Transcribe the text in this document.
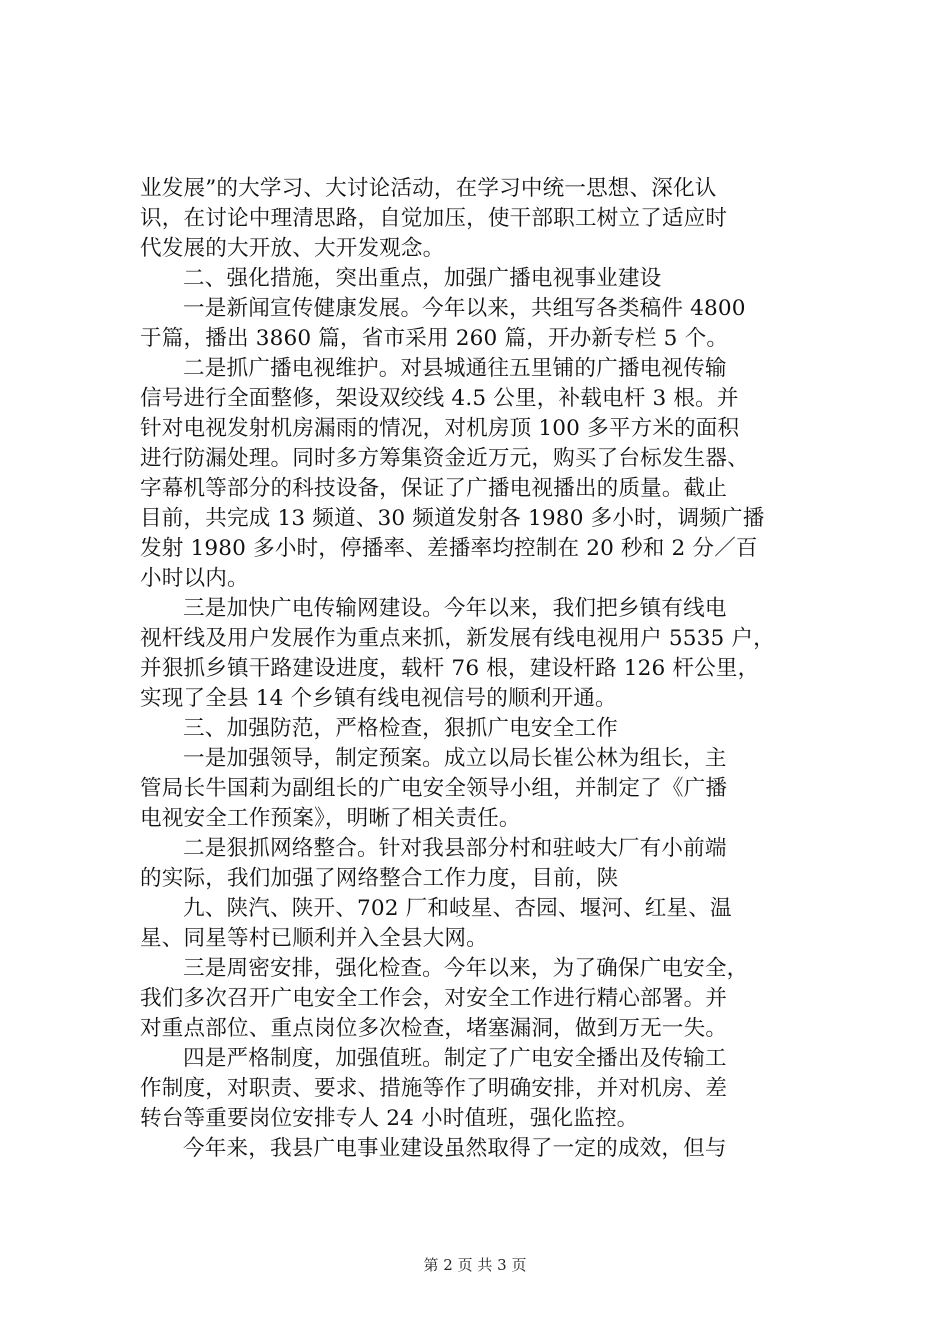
业发展”的大学习、大讨论活动，在学习中统一思想、深化认
识，在讨论中理清思路，自觉加压，使干部职工树立了适应时
代发展的大开放、大开发观念。
二、强化措施，突出重点，加强广播电视事业建设
一是新闻宣传健康发展。今年以来，共组写各类稿件 4800
于篇，播出 3860 篇，省市采用 260 篇，开办新专栏 5 个。
二是抓广播电视维护。对县城通往五里铺的广播电视传输
信号进行全面整修，架设双绞线 4.5 公里，补载电杆 3 根。并
针对电视发射机房漏雨的情况，对机房顶 100 多平方米的面积
进行防漏处理。同时多方筹集资金近万元，购买了台标发生器、
字幕机等部分的科技设备，保证了广播电视播出的质量。截止
目前，共完成 13 频道、30 频道发射各 1980 多小时，调频广播
发射 1980 多小时，停播率、差播率均控制在 20 秒和 2 分／百
小时以内。
三是加快广电传输网建设。今年以来，我们把乡镇有线电
视杆线及用户发展作为重点来抓，新发展有线电视用户 5535 户，
并狠抓乡镇干路建设进度，载杆 76 根，建设杆路 126 杆公里，
实现了全县 14 个乡镇有线电视信号的顺利开通。
三、加强防范，严格检查，狠抓广电安全工作
一是加强领导，制定预案。成立以局长崔公林为组长，主
管局长牛国莉为副组长的广电安全领导小组，并制定了《广播
电视安全工作预案》，明晰了相关责任。
二是狠抓网络整合。针对我县部分村和驻岐大厂有小前端
的实际，我们加强了网络整合工作力度，目前，陕
九、陕汽、陕开、702 厂和岐星、杏园、堰河、红星、温
星、同星等村已顺利并入全县大网。
三是周密安排，强化检查。今年以来，为了确保广电安全，
我们多次召开广电安全工作会，对安全工作进行精心部署。并
对重点部位、重点岗位多次检查，堵塞漏洞，做到万无一失。
四是严格制度，加强值班。制定了广电安全播出及传输工
作制度，对职责、要求、措施等作了明确安排，并对机房、差
转台等重要岗位安排专人 24 小时值班，强化监控。
今年来，我县广电事业建设虽然取得了一定的成效，但与
第 2 页 共 3 页
